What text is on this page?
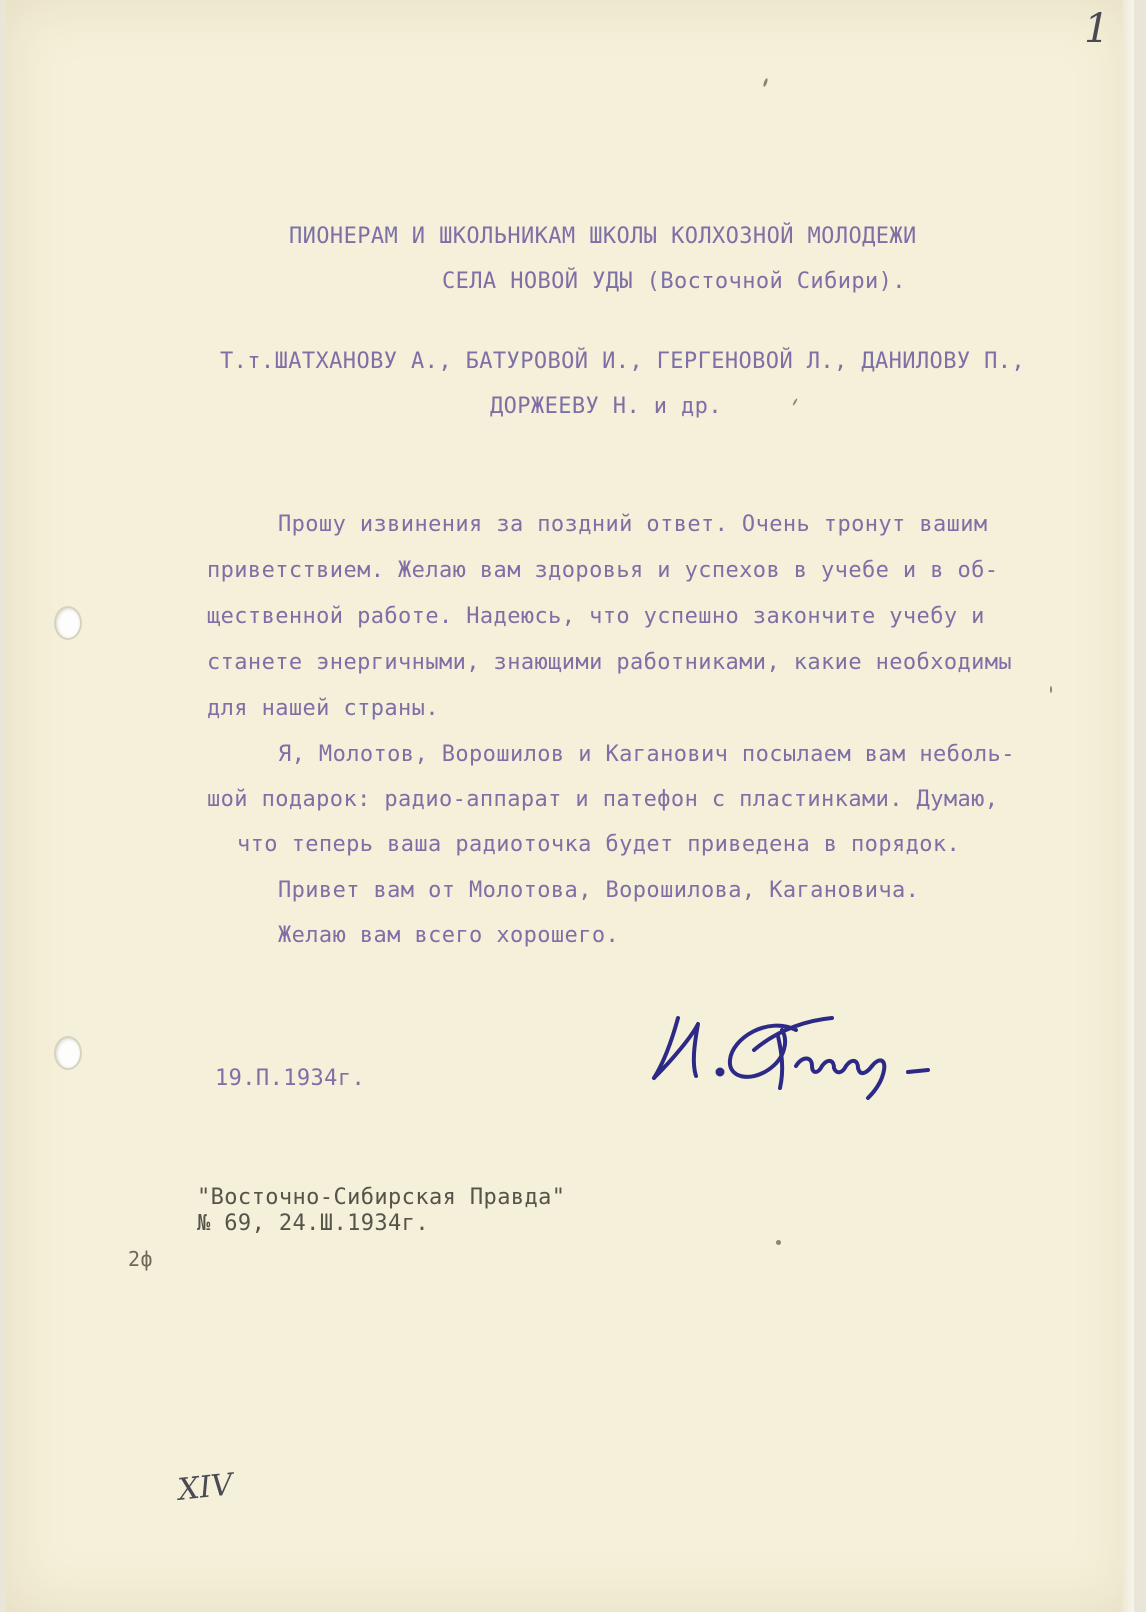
1

ПИОНЕРАМ И ШКОЛЬНИКАМ ШКОЛЫ КОЛХОЗНОЙ МОЛОДЕЖИ

СЕЛА НОВОЙ УДЫ (Восточной Сибири).

Т.т.ШАТХАНОВУ А., БАТУРОВОЙ И., ГЕРГЕНОВОЙ Л., ДАНИЛОВУ П.,

ДОРЖЕЕВУ Н. и др.

Прошу извинения за поздний ответ. Очень тронут вашим

приветствием. Желаю вам здоровья и успехов в учебе и в об-

щественной работе. Надеюсь, что успешно закончите учебу и

станете энергичными, знающими работниками, какие необходимы

для нашей страны.

Я, Молотов, Ворошилов и Каганович посылаем вам неболь-

шой подарок: радио-аппарат и патефон с пластинками. Думаю,

что теперь ваша радиоточка будет приведена в порядок.

Привет вам от Молотова, Ворошилова, Кагановича.

Желаю вам всего хорошего.

19.П.1934г.

"Восточно-Сибирская Правда"

№ 69, 24.Ш.1934г.

2ф

XIV
